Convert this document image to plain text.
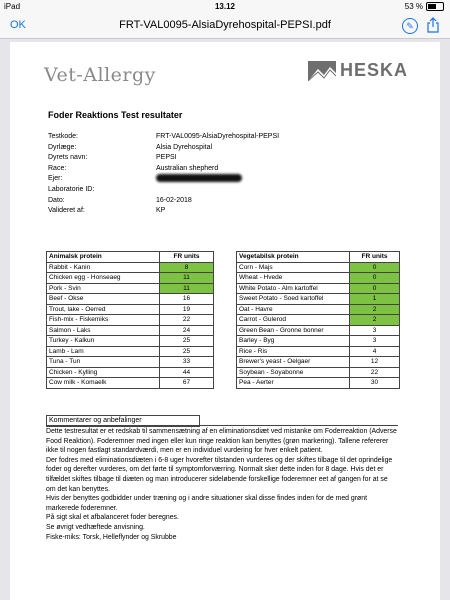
iPad	13.12	53 %
OK	FRT-VAL0095-AlsiaDyrehospital-PEPSI.pdf	✎
Vet-Allergy	HESKA
Foder Reaktions Test resultater
Testkode:	FRT-VAL0095-AlsiaDyrehospital-PEPSI
Dyrlæge:	Alsia Dyrehospital
Dyrets navn:	PEPSI
Race:	Australian shepherd
Ejer:
Laboratorie ID:
Dato:	16-02-2018
Valideret af:	KP
Animalsk protein	FR units
Rabbit - Kanin	8
Chicken egg - Honseaeg	11
Pork - Svin	11
Beef - Okse	16
Trout, lake - Oerred	19
Fish-mix - Fiskemiks	22
Salmon - Laks	24
Turkey - Kalkun	25
Lamb - Lam	25
Tuna - Tun	33
Chicken - Kylling	44
Cow milk - Komaelk	67
Vegetabilsk protein	FR units
Corn - Majs	0
Wheat - Hvede	0
White Potato - Alm kartoffel	0
Sweet Potato - Soed kartoffel	1
Oat - Havre	2
Carrot - Gulerod	2
Green Bean - Gronne bonner	3
Barley - Byg	3
Rice - Ris	4
Brewer's yeast - Oelgaer	12
Soybean - Soyabonne	22
Pea - Aerter	30
Kommentarer og anbefalinger

Dette testresultat er et redskab til sammensætning af en eliminationsdiæt ved mistanke om Foderreaktion (Adverse Food Reaktion). Foderemner med ingen eller kun ringe reaktion kan benyttes (grøn markering). Tallene refererer ikke til nogen fastlagt standardværdi, men er en individuel vurdering for hver enkelt patient.

Der fodres med eliminationsdiæten i 6-8 uger hvorefter tilstanden vurderes og der skiftes tilbage til det oprindelige foder og derefter vurderes, om det førte til symptomforværring. Normalt sker dette inden for 8 dage. Hvis det er tilfældet skiftes tilbage til diæten og man introducerer sideløbende forskellige foderemner eet af gangen for at se om det kan benyttes.

Hvis der benyttes godbidder under træning og i andre situationer skal disse findes inden for de med grønt markerede foderemner.

På sigt skal et afbalanceret foder beregnes.

Se øvrigt vedhæftede anvisning.

Fiske-miks: Torsk, Helleflynder og Skrubbe
